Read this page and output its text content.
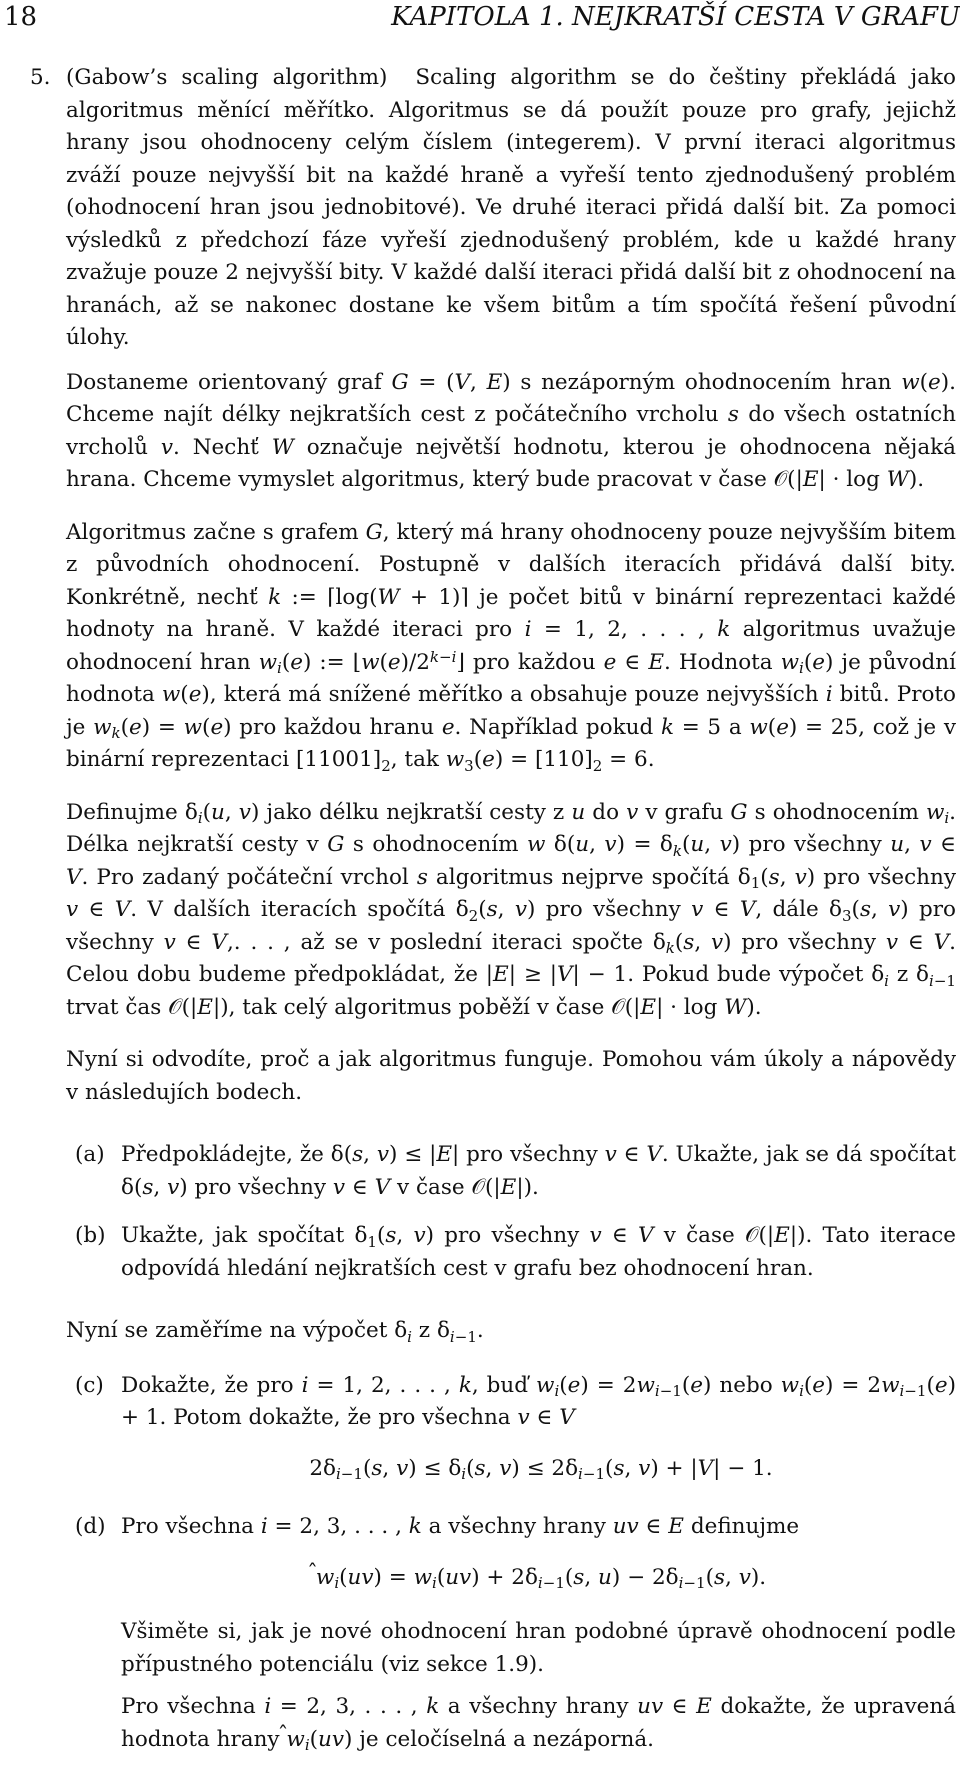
18	KAPITOLA 1. NEJKRATŠÍ CESTA V GRAFU
5. (Gabow’s scaling algorithm) Scaling algorithm se do češtiny překládá jako algoritmus měnící měřítko. Algoritmus se dá použít pouze pro grafy, jejichž hrany jsou ohodnoceny celým číslem (integerem). V první iteraci algoritmus zváží pouze nejvyšší bit na každé hraně a vyřeší tento zjednodušený problém (ohodnocení hran jsou jednobitové). Ve druhé iteraci přidá další bit. Za pomoci výsledků z předchozí fáze vyřeší zjednodušený problém, kde u každé hrany zvažuje pouze 2 nejvyšší bity. V každé další iteraci přidá další bit z ohodnocení na hranách, až se nakonec dostane ke všem bitům a tím spočítá řešení původní úlohy.

Dostaneme orientovaný graf G = (V, E) s nezáporným ohodnocením hran w(e). Chceme najít délky nejkratších cest z počátečního vrcholu s do všech ostatních vrcholů v. Nechť W označuje největší hodnotu, kterou je ohodnocena nějaká hrana. Chceme vymyslet algoritmus, který bude pracovat v čase 𝒪(|E| · log W).

Algoritmus začne s grafem G, který má hrany ohodnoceny pouze nejvyšším bitem z původních ohodnocení. Postupně v dalších iteracích přidává další bity. Konkrétně, nechť k := ⌈log(W + 1)⌉ je počet bitů v binární reprezentaci každé hodnoty na hraně. V každé iteraci pro i = 1, 2, . . . , k algoritmus uvažuje ohodnocení hran $w_i(e)$ := $⌊w(e)/2^{k-i}⌋$ pro každou e ∈ E. Hodnota $w_i(e)$ je původní hodnota w(e), která má snížené měřítko a obsahuje pouze nejvyšších i bitů. Proto je $w_k(e) = w(e)$ pro každou hranu e. Například pokud k = 5 a w(e) = 25, což je v binární reprezentaci $[11001]_2$, tak $w_3(e) = [110]_2 = 6$.

Definujme $\delta_i(u$, v) jako délku nejkratší cesty z u do v v grafu G s ohodnocením $w_i$. Délka nejkratší cesty v G s ohodnocením w δ(u, $v) = \delta_k(u$, v) pro všechny u, v ∈ V. Pro zadaný počáteční vrchol s algoritmus nejprve spočítá $\delta_1(s$, v) pro všechny v ∈ V. V dalších iteracích spočítá $\delta_2(s$, v) pro všechny v ∈ V, dále $\delta_3(s$, v) pro všechny v ∈ V,. . . , až se v poslední iteraci spočte $\delta_k(s$, v) pro všechny v ∈ V. Celou dobu budeme předpokládat, že |E| ≥ |V| − 1. Pokud bude výpočet $\delta_i$ z $\delta_{i-1}$ trvat čas 𝒪(|E|), tak celý algoritmus poběží v čase 𝒪(|E| · log W).

Nyní si odvodíte, proč a jak algoritmus funguje. Pomohou vám úkoly a nápovědy v následujích bodech.

(a) Předpokládejte, že δ(s, v) ≤ |E| pro všechny v ∈ V. Ukažte, jak se dá spočítat δ(s, v) pro všechny v ∈ V v čase 𝒪(|E|).
(b) Ukažte, jak spočítat $\delta_1(s$, v) pro všechny v ∈ V v čase 𝒪(|E|). Tato iterace odpovídá hledání nejkratších cest v grafu bez ohodnocení hran.

Nyní se zaměříme na výpočet $\delta_i$ z $\delta_{i-1}$.

(c) Dokažte, že pro i = 1, 2, . . . , k, buď $w_i(e) = 2w_{i-1}(e)$ nebo $w_i(e) = 2w_{i-1}(e) + 1$. Potom dokažte, že pro všechna v ∈ V
$2\delta_{i-1}(s$, $v) \le \delta_i(s$, $v) \le 2\delta_{i-1}(s$, v) + |V| − 1.
(d) Pro všechna i = 2, 3, . . . , k a všechny hrany uv ∈ E definujme
̂ $w_i(uv) = w_i(uv) + 2\delta_{i-1}(s$, $u) - 2\delta_{i-1}(s$, v).

Všiměte si, jak je nové ohodnocení hran podobné úpravě ohodnocení podle přípustného potenciálu (viz sekce 1.9).

Pro všechna i = 2, 3, . . . , k a všechny hrany uv ∈ E dokažte, že upravená hodnota hrany ̂ $w_i(uv)$ je celočíselná a nezáporná.
